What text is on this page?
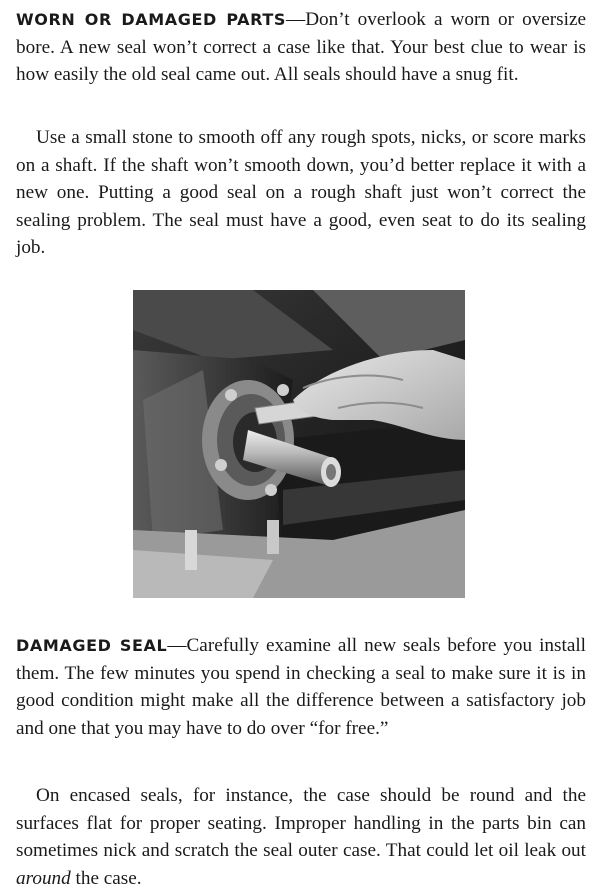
WORN OR DAMAGED PARTS—Don’t overlook a worn or oversize bore. A new seal won’t correct a case like that. Your best clue to wear is how easily the old seal came out. All seals should have a snug fit.

Use a small stone to smooth off any rough spots, nicks, or score marks on a shaft. If the shaft won’t smooth down, you’d better replace it with a new one. Putting a good seal on a rough shaft just won’t correct the sealing problem. The seal must have a good, even seat to do its sealing job.

DAMAGED SEAL—Carefully examine all new seals before you install them. The few minutes you spend in checking a seal to make sure it is in good condition might make all the difference between a satisfactory job and one that you may have to do over “for free.”

On encased seals, for instance, the case should be round and the surfaces flat for proper seating. Improper handling in the parts bin can sometimes nick and scratch the seal outer case. That could let oil leak out around the case.
